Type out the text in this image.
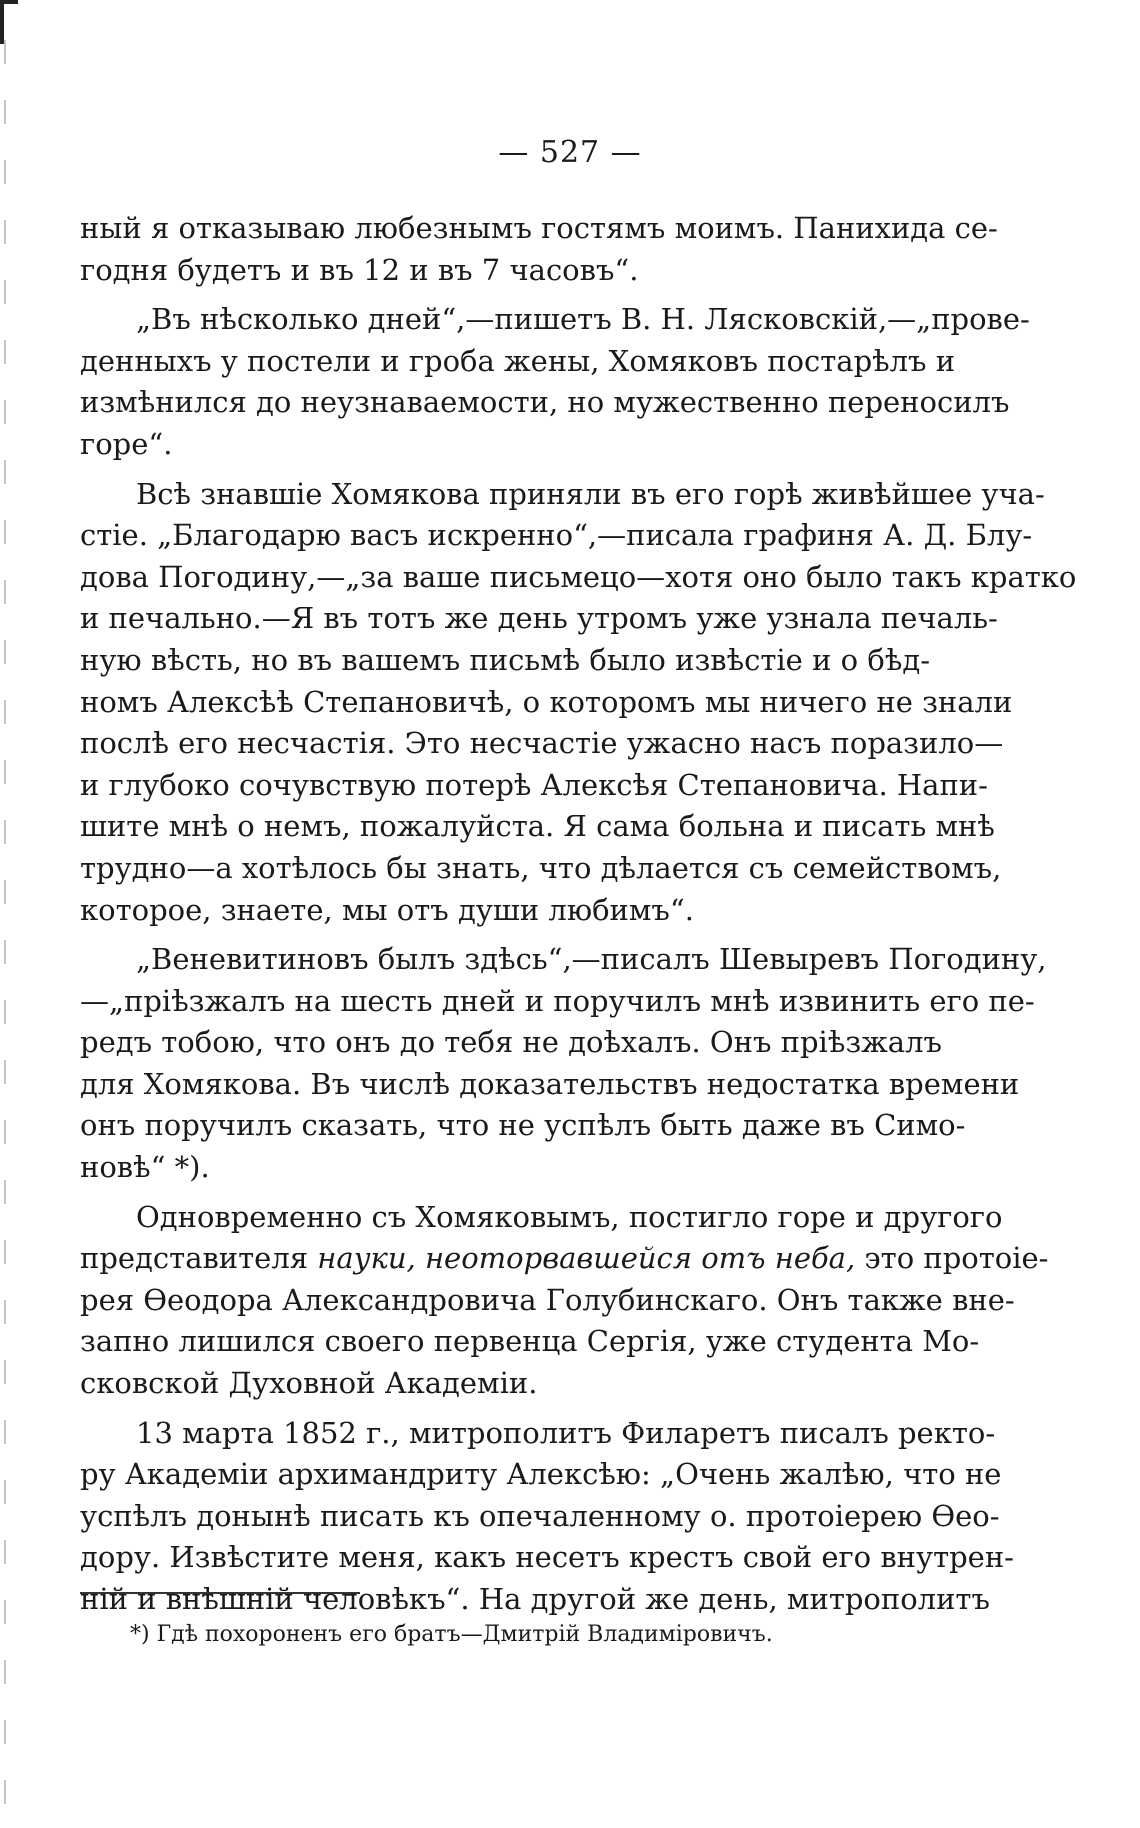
— 527 —
ный я отказываю любезнымъ гостямъ моимъ. Панихида се-
годня будетъ и въ 12 и въ 7 часовъ“.
„Въ нѣсколько дней“,—пишетъ В. Н. Лясковскій,—„прове-
денныхъ у постели и гроба жены, Хомяковъ постарѣлъ и
измѣнился до неузнаваемости, но мужественно переносилъ
горе“.
Всѣ знавшіе Хомякова приняли въ его горѣ живѣйшее уча-
стіе. „Благодарю васъ искренно“,—писала графиня А. Д. Блу-
дова Погодину,—„за ваше письмецо—хотя оно было такъ кратко
и печально.—Я въ тотъ же день утромъ уже узнала печаль-
ную вѣсть, но въ вашемъ письмѣ было извѣстіе и о бѣд-
номъ Алексѣѣ Степановичѣ, о которомъ мы ничего не знали
послѣ его несчастія. Это несчастіе ужасно насъ поразило—
и глубоко сочувствую потерѣ Алексѣя Степановича. Напи-
шите мнѣ о немъ, пожалуйста. Я сама больна и писать мнѣ
трудно—а хотѣлось бы знать, что дѣлается съ семействомъ,
которое, знаете, мы отъ души любимъ“.
„Веневитиновъ былъ здѣсь“,—писалъ Шевыревъ Погодину,
—„пріѣзжалъ на шесть дней и поручилъ мнѣ извинить его пе-
редъ тобою, что онъ до тебя не доѣхалъ. Онъ пріѣзжалъ
для Хомякова. Въ числѣ доказательствъ недостатка времени
онъ поручилъ сказать, что не успѣлъ быть даже въ Симо-
новѣ“ *).
Одновременно съ Хомяковымъ, постигло горе и другого
представителя науки, неоторвавшейся отъ неба, это протоіе-
рея Ѳеодора Александровича Голубинскаго. Онъ также вне-
запно лишился своего первенца Сергія, уже студента Мо-
сковской Духовной Академіи.
13 марта 1852 г., митрополитъ Филаретъ писалъ ректо-
ру Академіи архимандриту Алексѣю: „Очень жалѣю, что не
успѣлъ донынѣ писать къ опечаленному о. протоіерею Ѳео-
дору. Извѣстите меня, какъ несетъ крестъ свой его внутрен-
ній и внѣшній человѣкъ“. На другой же день, митрополитъ
*) Гдѣ похороненъ его братъ—Дмитрій Владиміровичъ.
